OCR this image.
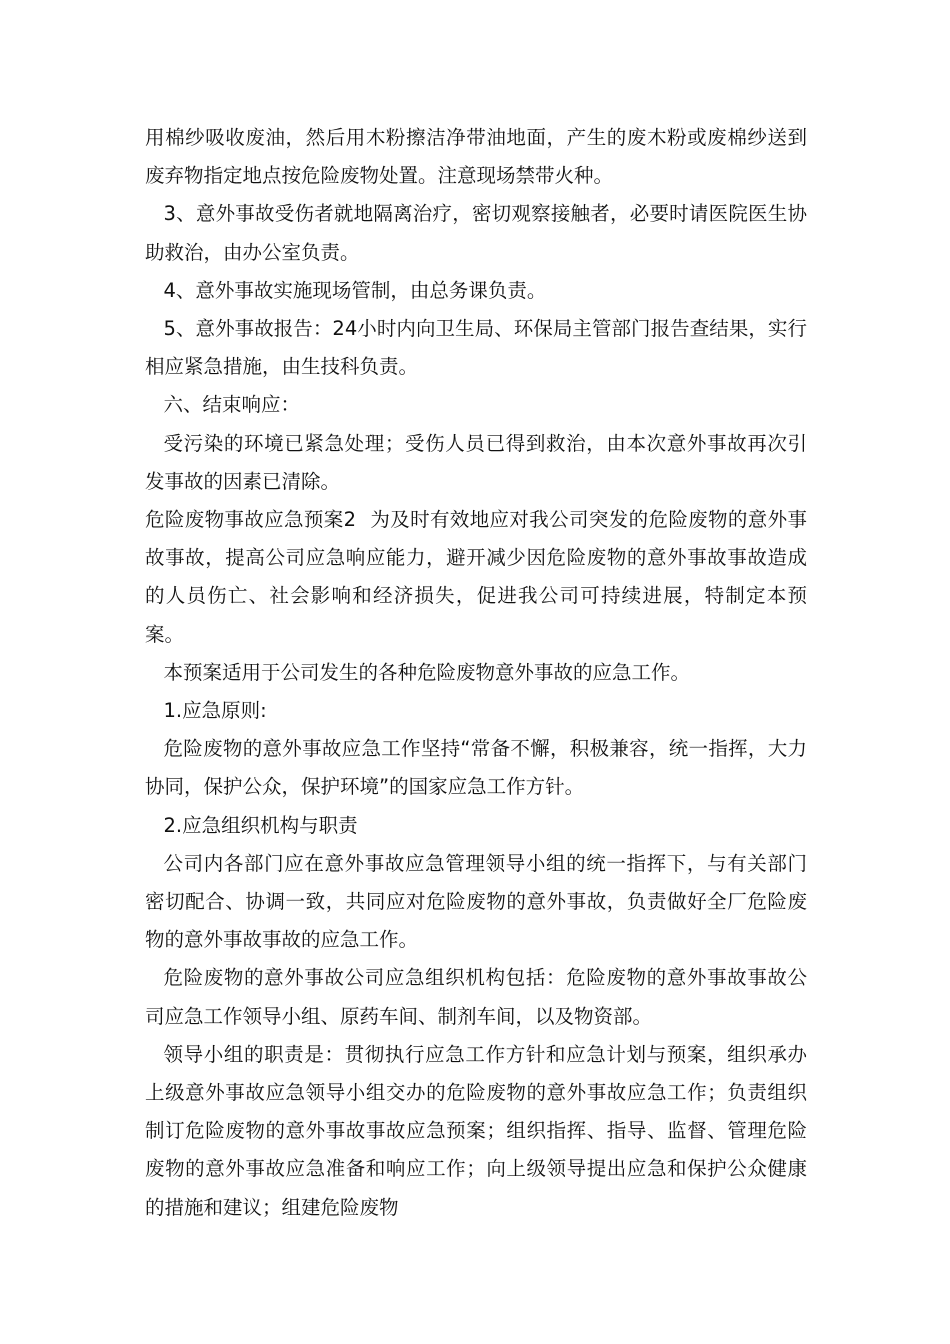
用棉纱吸收废油，然后用木粉擦洁净带油地面，产生的废木粉或废棉纱送到废弃物指定地点按危险废物处置。注意现场禁带火种。

3、意外事故受伤者就地隔离治疗，密切观察接触者，必要时请医院医生协助救治，由办公室负责。

4、意外事故实施现场管制，由总务课负责。

5、意外事故报告：24小时内向卫生局、环保局主管部门报告查结果，实行相应紧急措施，由生技科负责。

六、结束响应：

受污染的环境已紧急处理；受伤人员已得到救治，由本次意外事故再次引发事故的因素已清除。

危险废物事故应急预案2 为及时有效地应对我公司突发的危险废物的意外事故事故，提高公司应急响应能力，避开减少因危险废物的意外事故事故造成的人员伤亡、社会影响和经济损失，促进我公司可持续进展，特制定本预案。

本预案适用于公司发生的各种危险废物意外事故的应急工作。

1.应急原则:

危险废物的意外事故应急工作坚持“常备不懈，积极兼容，统一指挥，大力协同，保护公众，保护环境”的国家应急工作方针。

2.应急组织机构与职责

公司内各部门应在意外事故应急管理领导小组的统一指挥下，与有关部门密切配合、协调一致，共同应对危险废物的意外事故，负责做好全厂危险废物的意外事故事故的应急工作。

危险废物的意外事故公司应急组织机构包括：危险废物的意外事故事故公司应急工作领导小组、原药车间、制剂车间，以及物资部。

领导小组的职责是：贯彻执行应急工作方针和应急计划与预案，组织承办上级意外事故应急领导小组交办的危险废物的意外事故应急工作；负责组织制订危险废物的意外事故事故应急预案；组织指挥、指导、监督、管理危险废物的意外事故应急准备和响应工作；向上级领导提出应急和保护公众健康的措施和建议；组建危险废物
